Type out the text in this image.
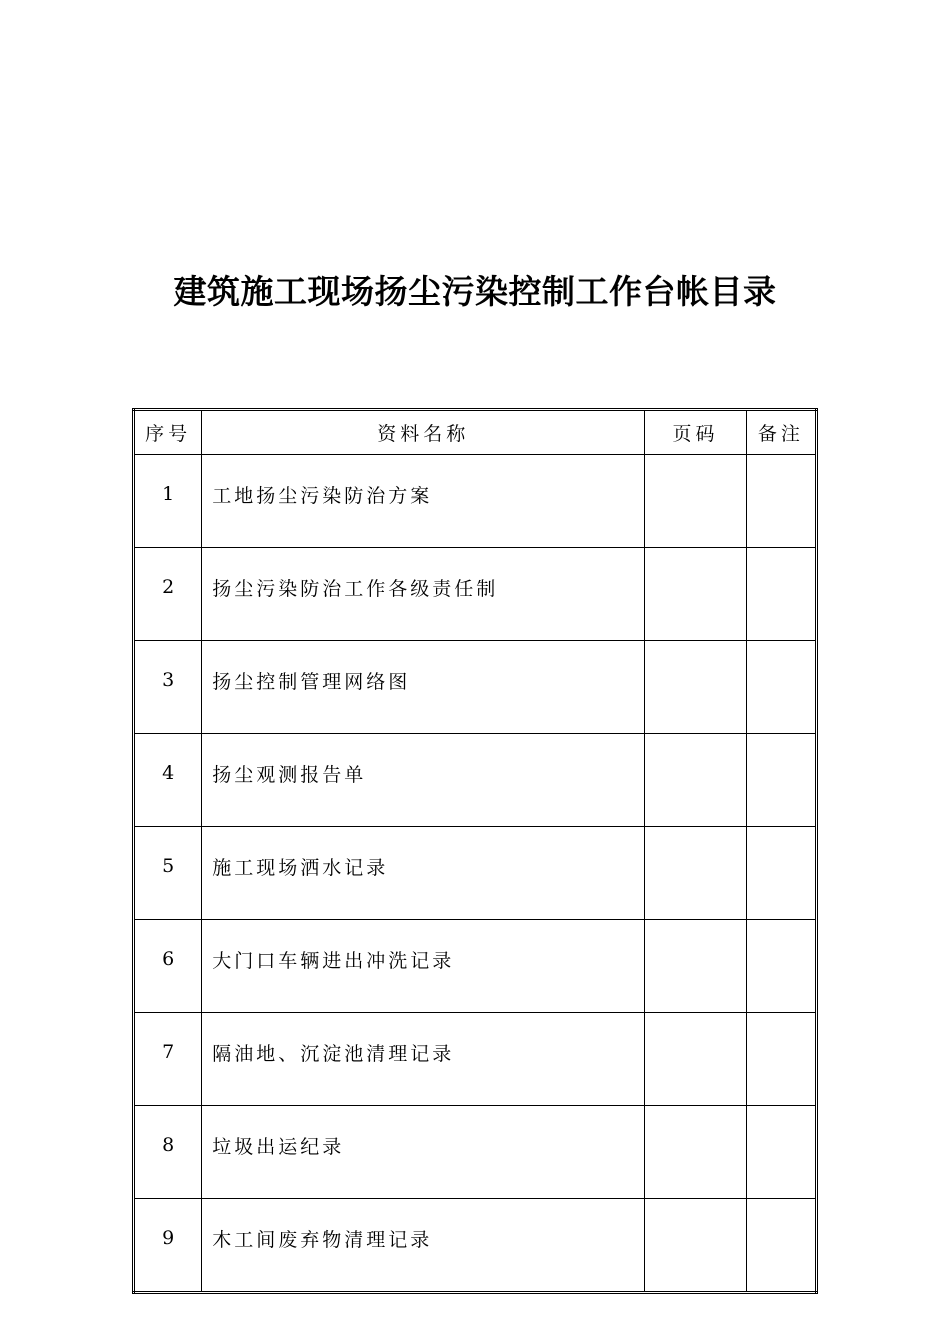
建筑施工现场扬尘污染控制工作台帐目录
序号	资料名称	页码	备注
1	工地扬尘污染防治方案		
2	扬尘污染防治工作各级责任制		
3	扬尘控制管理网络图		
4	扬尘观测报告单		
5	施工现场洒水记录		
6	大门口车辆进出冲洗记录		
7	隔油地、沉淀池清理记录		
8	垃圾出运纪录		
9	木工间废弃物清理记录		
